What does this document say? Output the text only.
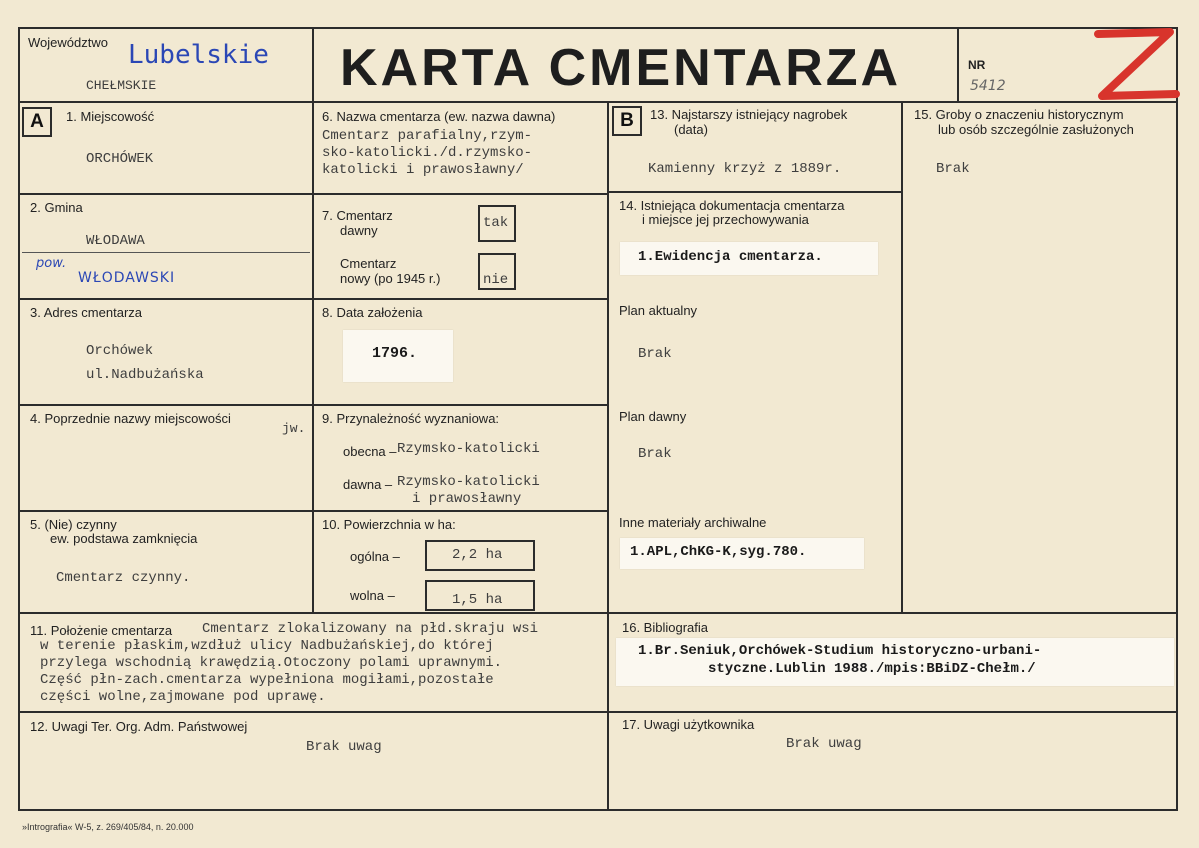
Województwo Lubelskie
CHEŁMSKIE	KARTA CMENTARZA	NR
5412
A	B
1. Miejscowość
ORCHÓWEK
2. Gmina
WŁODAWA
pow.
WŁODAWSKI
3. Adres cmentarza
Orchówek
ul.Nadbużańska
4. Poprzednie nazwy miejscowości
jw.
5. (Nie) czynny
ew. podstawa zamknięcia
Cmentarz czynny.
6. Nazwa cmentarza (ew. nazwa dawna)
Cmentarz parafialny,rzym-
sko-katolicki./d.rzymsko-
katolicki i prawosławny/
7. Cmentarz
dawny	tak
Cmentarz
nowy (po 1945 r.)	nie
8. Data założenia
1796.
9. Przynależność wyznaniowa:
obecna – Rzymsko-katolicki
dawna – Rzymsko-katolicki
i prawosławny
10. Powierzchnia w ha:
ogólna –	2,2 ha
wolna –	1,5 ha
13. Najstarszy istniejący nagrobek
(data)
Kamienny krzyż z 1889r.
14. Istniejąca dokumentacja cmentarza
i miejsce jej przechowywania
1.Ewidencja cmentarza.
Plan aktualny
Brak
Plan dawny
Brak
Inne materiały archiwalne
1.APL,ChKG-K,syg.780.
15. Groby o znaczeniu historycznym
lub osób szczególnie zasłużonych
Brak
11. Położenie cmentarza Cmentarz zlokalizowany na płd.skraju wsi
w terenie płaskim,wzdłuż ulicy Nadbużańskiej,do której
przylega wschodnią krawędzią.Otoczony polami uprawnymi.
Część płn-zach.cmentarza wypełniona mogiłami,pozostałe
części wolne,zajmowane pod uprawę.
16. Bibliografia
1.Br.Seniuk,Orchówek-Studium historyczno-urbani-
styczne.Lublin 1988./mpis:BBiDZ-Chełm./
12. Uwagi Ter. Org. Adm. Państwowej
Brak uwag
17. Uwagi użytkownika
Brak uwag
»Intrografia« W-5, z. 269/405/84, n. 20.000
